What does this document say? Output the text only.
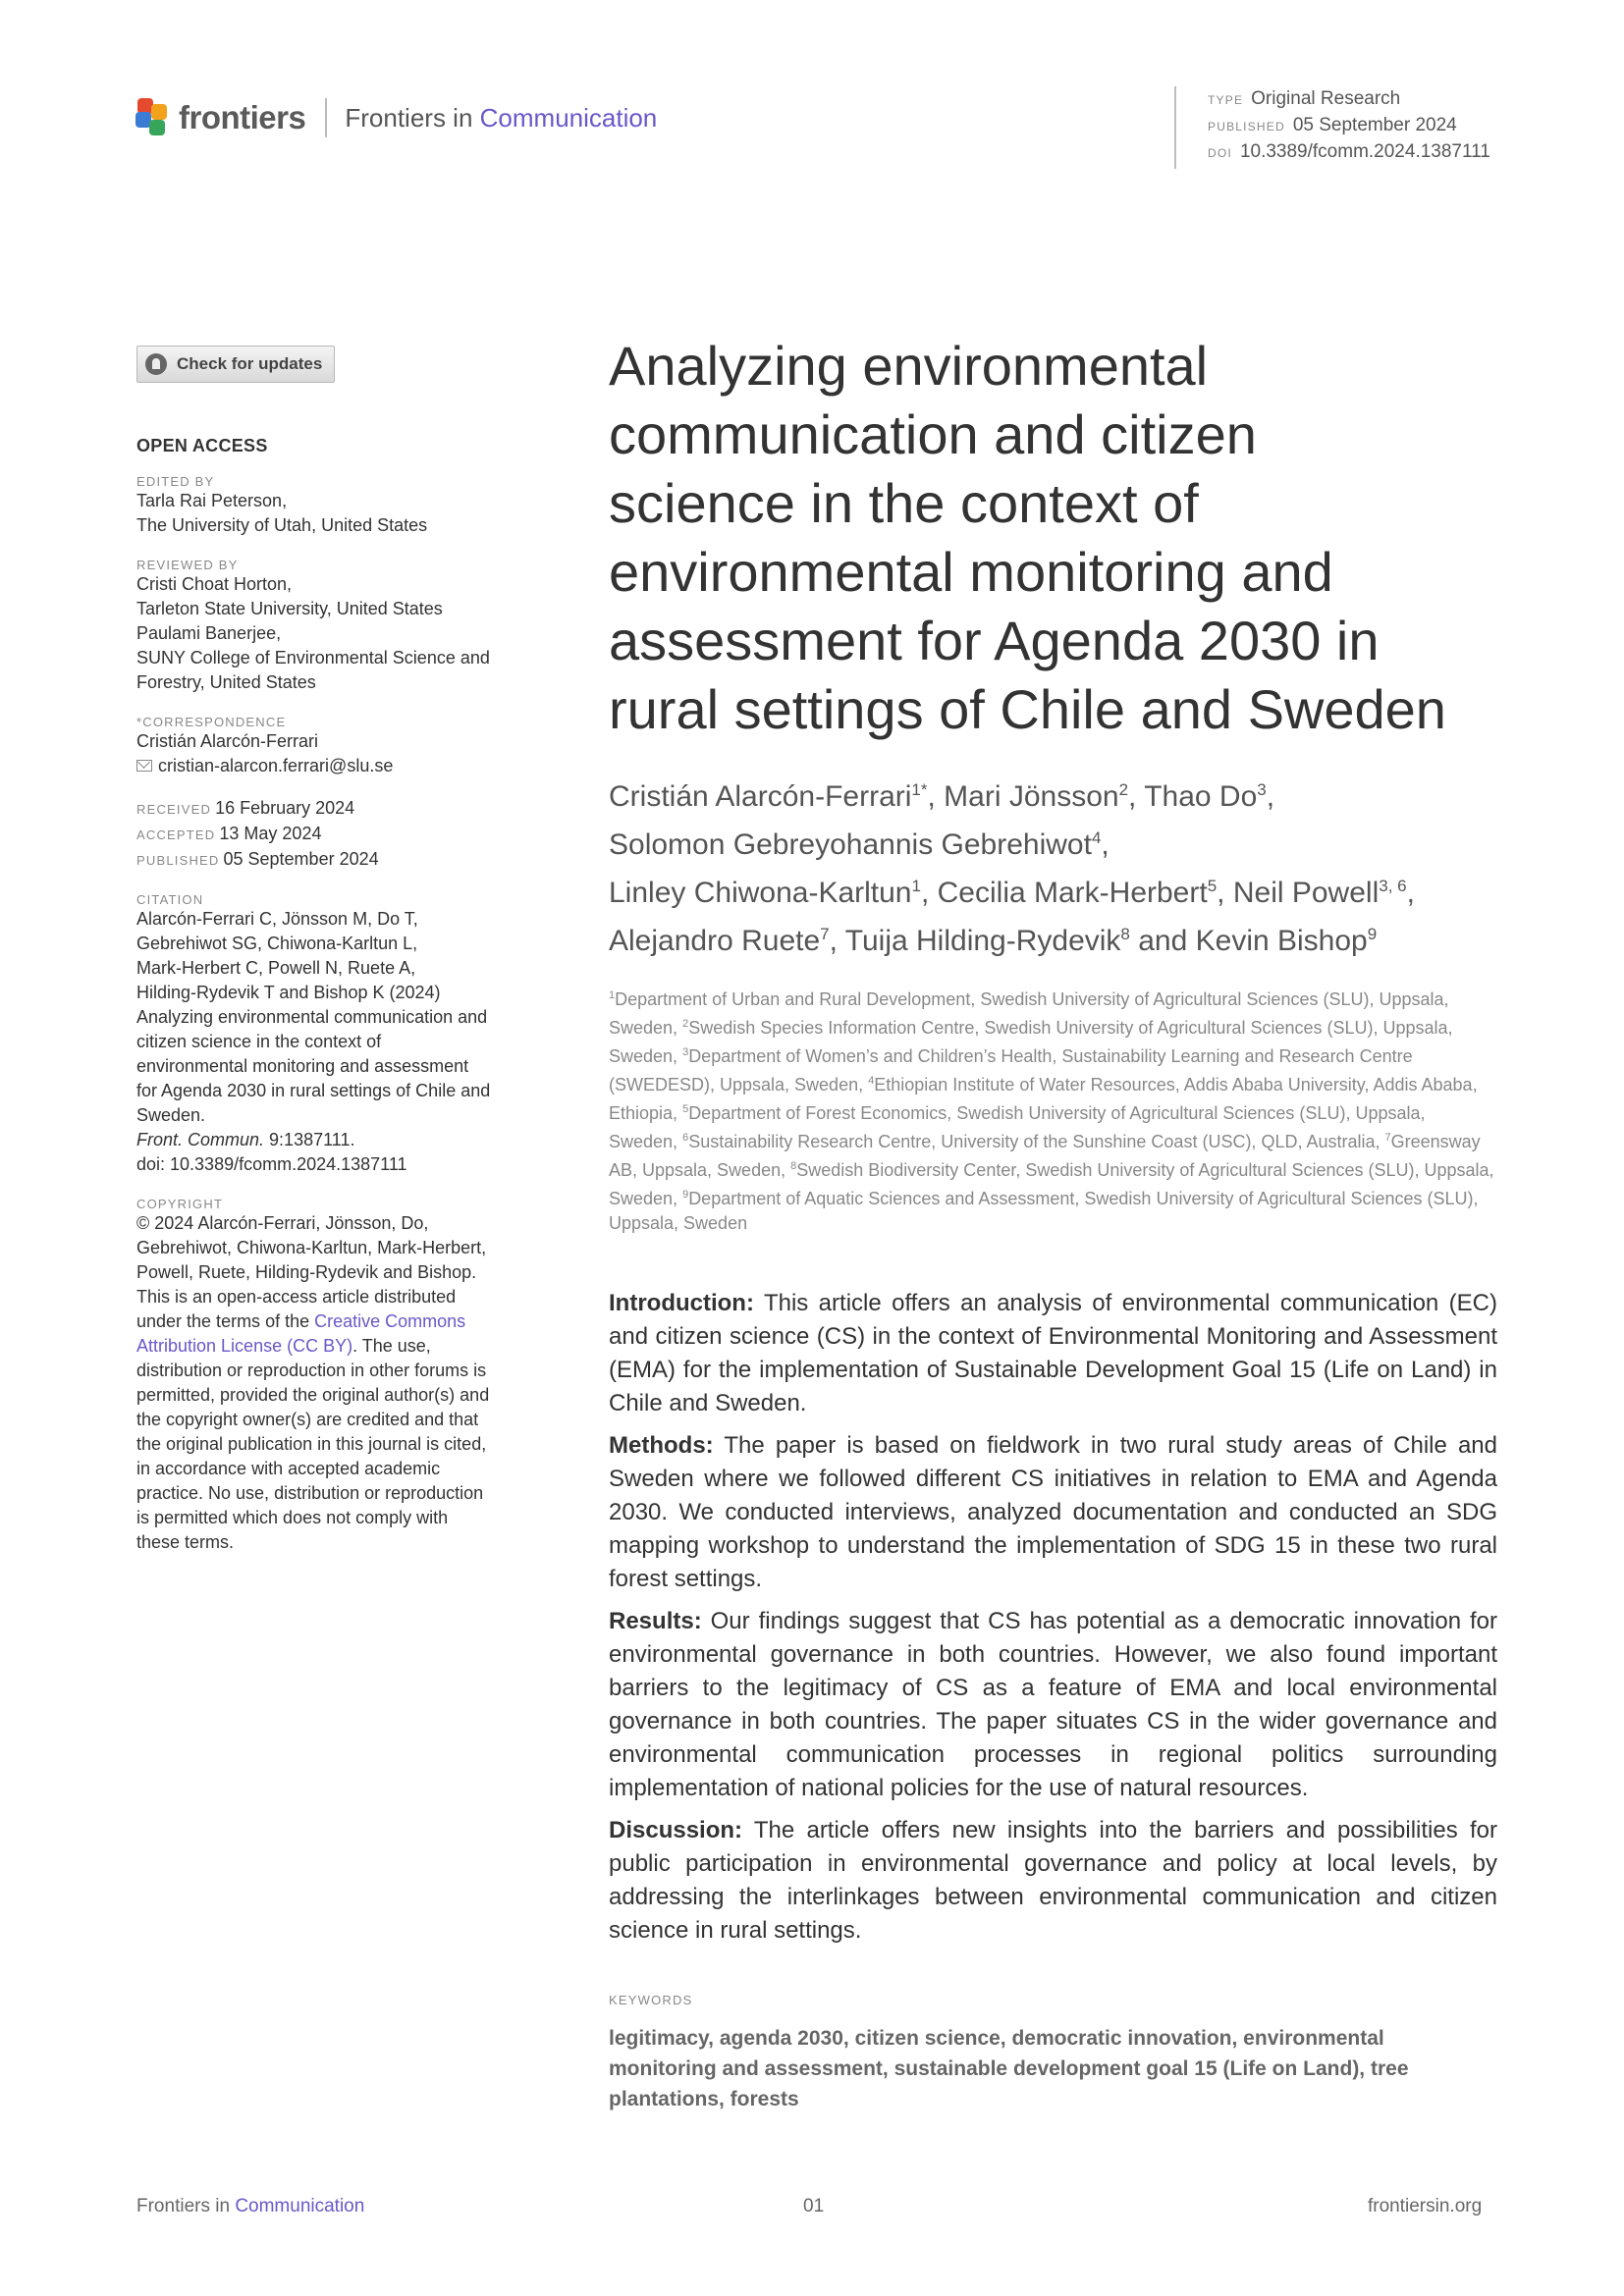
frontiers Frontiers in Communication
TYPE Original Research
PUBLISHED 05 September 2024
DOI 10.3389/fcomm.2024.1387111
Check for updates
OPEN ACCESS
EDITED BY
Tarla Rai Peterson,
The University of Utah, United States
REVIEWED BY
Cristi Choat Horton,
Tarleton State University, United States
Paulami Banerjee,
SUNY College of Environmental Science and
Forestry, United States
*CORRESPONDENCE
Cristián Alarcón-Ferrari
cristian-alarcon.ferrari@slu.se
RECEIVED 16 February 2024
ACCEPTED 13 May 2024
PUBLISHED 05 September 2024
CITATION
Alarcón-Ferrari C, Jönsson M, Do T,
Gebrehiwot SG, Chiwona-Karltun L,
Mark-Herbert C, Powell N, Ruete A,
Hilding-Rydevik T and Bishop K (2024)
Analyzing environmental communication and
citizen science in the context of
environmental monitoring and assessment
for Agenda 2030 in rural settings of Chile and
Sweden.
Front. Commun. 9:1387111.
doi: 10.3389/fcomm.2024.1387111
COPYRIGHT
© 2024 Alarcón-Ferrari, Jönsson, Do,
Gebrehiwot, Chiwona-Karltun, Mark-Herbert,
Powell, Ruete, Hilding-Rydevik and Bishop.
This is an open-access article distributed
under the terms of the Creative Commons
Attribution License (CC BY). The use,
distribution or reproduction in other forums is
permitted, provided the original author(s) and
the copyright owner(s) are credited and that
the original publication in this journal is cited,
in accordance with accepted academic
practice. No use, distribution or reproduction
is permitted which does not comply with
these terms.
Analyzing environmental
communication and citizen
science in the context of
environmental monitoring and
assessment for Agenda 2030 in
rural settings of Chile and Sweden
Cristián Alarcón-Ferrari$^{1*}$, Mari Jönsson$^2$, Thao Do$^3$,
Solomon Gebreyohannis Gebrehiwot$^4$,
Linley Chiwona-Karltun$^1$, Cecilia Mark-Herbert$^5$, Neil Powell$^{3, 6}$,
Alejandro Ruete$^7$, Tuija Hilding-Rydevik$^8$ and Kevin Bishop$^9$
$^1$Department of Urban and Rural Development, Swedish University of Agricultural Sciences (SLU), Uppsala, Sweden, $^2$Swedish Species Information Centre, Swedish University of Agricultural Sciences (SLU), Uppsala, Sweden, $^3$Department of Women’s and Children’s Health, Sustainability Learning and Research Centre (SWEDESD), Uppsala, Sweden, $^4$Ethiopian Institute of Water Resources, Addis Ababa University, Addis Ababa, Ethiopia, $^5$Department of Forest Economics, Swedish University of Agricultural Sciences (SLU), Uppsala, Sweden, $^6$Sustainability Research Centre, University of the Sunshine Coast (USC), QLD, Australia, $^7$Greensway AB, Uppsala, Sweden, $^8$Swedish Biodiversity Center, Swedish University of Agricultural Sciences (SLU), Uppsala, Sweden, $^9$Department of Aquatic Sciences and Assessment, Swedish University of Agricultural Sciences (SLU), Uppsala, Sweden

Introduction: This article offers an analysis of environmental communication (EC) and citizen science (CS) in the context of Environmental Monitoring and Assessment (EMA) for the implementation of Sustainable Development Goal 15 (Life on Land) in Chile and Sweden.

Methods: The paper is based on fieldwork in two rural study areas of Chile and Sweden where we followed different CS initiatives in relation to EMA and Agenda 2030. We conducted interviews, analyzed documentation and conducted an SDG mapping workshop to understand the implementation of SDG 15 in these two rural forest settings.

Results: Our findings suggest that CS has potential as a democratic innovation for environmental governance in both countries. However, we also found important barriers to the legitimacy of CS as a feature of EMA and local environmental governance in both countries. The paper situates CS in the wider governance and environmental communication processes in regional politics surrounding implementation of national policies for the use of natural resources.

Discussion: The article offers new insights into the barriers and possibilities for public participation in environmental governance and policy at local levels, by addressing the interlinkages between environmental communication and citizen science in rural settings.

KEYWORDS
legitimacy, agenda 2030, citizen science, democratic innovation, environmental monitoring and assessment, sustainable development goal 15 (Life on Land), tree plantations, forests
Frontiers in Communication	01	frontiersin.org
